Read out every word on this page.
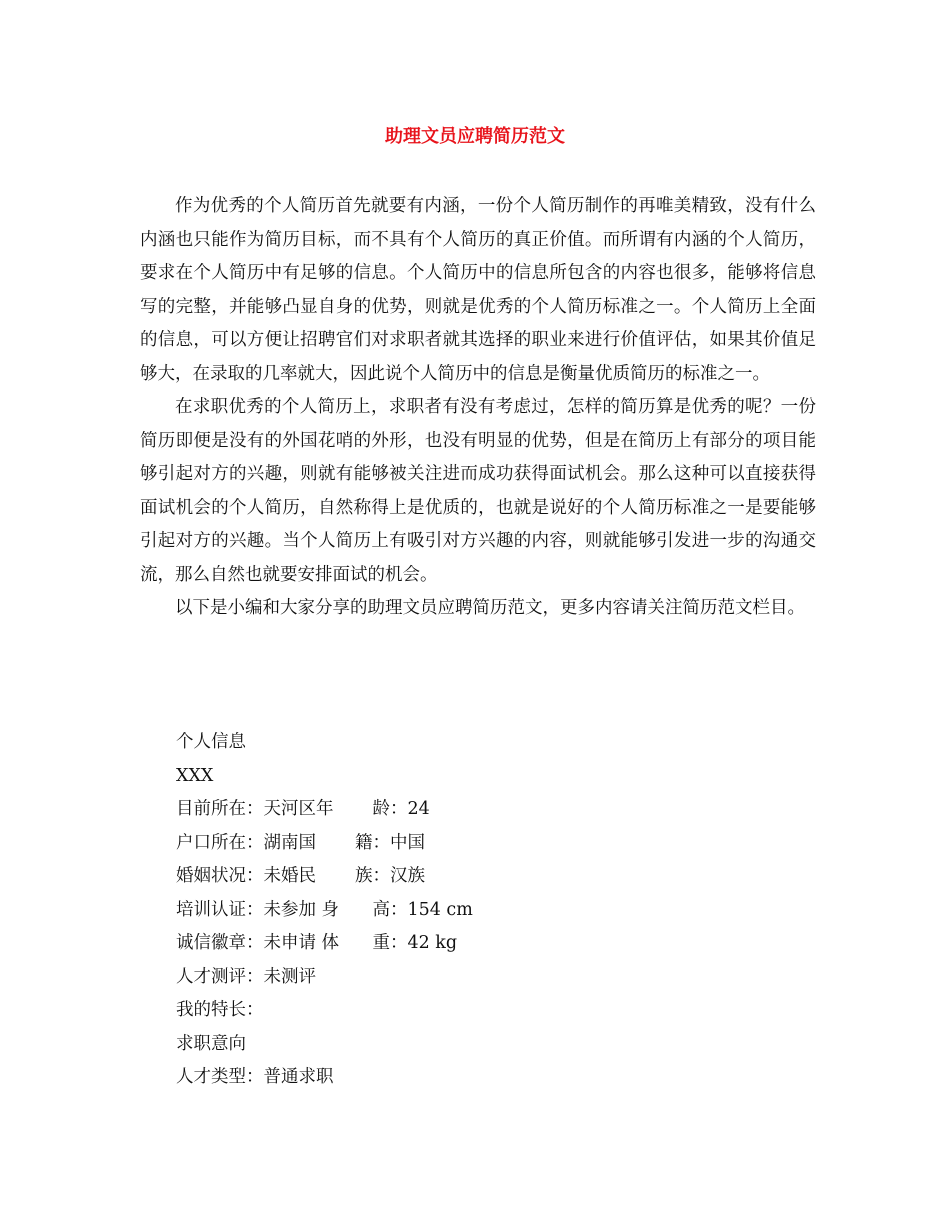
助理文员应聘简历范文

作为优秀的个人简历首先就要有内涵，一份个人简历制作的再唯美精致，没有什么内涵也只能作为简历目标，而不具有个人简历的真正价值。而所谓有内涵的个人简历，要求在个人简历中有足够的信息。个人简历中的信息所包含的内容也很多，能够将信息写的完整，并能够凸显自身的优势，则就是优秀的个人简历标准之一。个人简历上全面的信息，可以方便让招聘官们对求职者就其选择的职业来进行价值评估，如果其价值足够大，在录取的几率就大，因此说个人简历中的信息是衡量优质简历的标准之一。

在求职优秀的个人简历上，求职者有没有考虑过，怎样的简历算是优秀的呢？一份简历即便是没有的外国花哨的外形，也没有明显的优势，但是在简历上有部分的项目能够引起对方的兴趣，则就有能够被关注进而成功获得面试机会。那么这种可以直接获得面试机会的个人简历，自然称得上是优质的，也就是说好的个人简历标准之一是要能够引起对方的兴趣。当个人简历上有吸引对方兴趣的内容，则就能够引发进一步的沟通交流，那么自然也就要安排面试的机会。

以下是小编和大家分享的助理文员应聘简历范文，更多内容请关注简历范文栏目。

个人信息
XXX
目前所在：天河区年 龄：24
户口所在：湖南国 籍：中国
婚姻状况：未婚民 族：汉族
培训认证：未参加 身 高：154 cm
诚信徽章：未申请 体 重：42 kg
人才测评：未测评
我的特长：
求职意向
人才类型：普通求职
